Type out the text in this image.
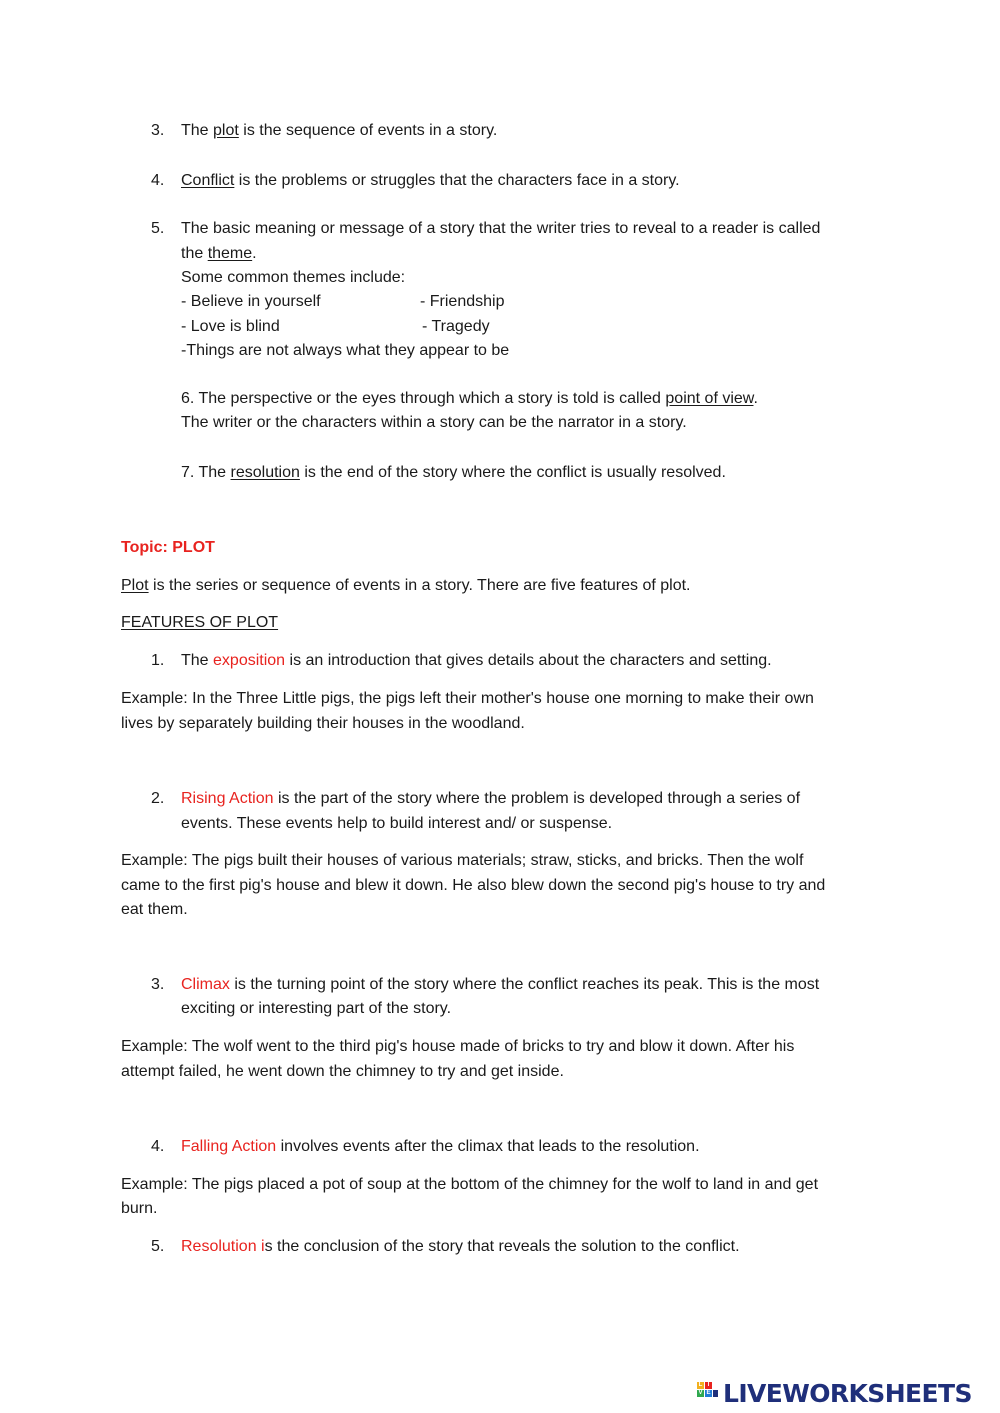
3. The plot is the sequence of events in a story.
4. Conflict is the problems or struggles that the characters face in a story.
5. The basic meaning or message of a story that the writer tries to reveal to a reader is called
the theme.
Some common themes include:
- Believe in yourself	- Friendship
- Love is blind	- Tragedy
-Things are not always what they appear to be
6. The perspective or the eyes through which a story is told is called point of view.
The writer or the characters within a story can be the narrator in a story.
7. The resolution is the end of the story where the conflict is usually resolved.
Topic: PLOT
Plot is the series or sequence of events in a story. There are five features of plot.
FEATURES OF PLOT
1. The exposition is an introduction that gives details about the characters and setting.
Example: In the Three Little pigs, the pigs left their mother's house one morning to make their own
lives by separately building their houses in the woodland.
2. Rising Action is the part of the story where the problem is developed through a series of
events. These events help to build interest and/ or suspense.
Example: The pigs built their houses of various materials; straw, sticks, and bricks. Then the wolf
came to the first pig's house and blew it down. He also blew down the second pig's house to try and
eat them.
3. Climax is the turning point of the story where the conflict reaches its peak. This is the most
exciting or interesting part of the story.
Example: The wolf went to the third pig's house made of bricks to try and blow it down. After his
attempt failed, he went down the chimney to try and get inside.
4. Falling Action involves events after the climax that leads to the resolution.
Example: The pigs placed a pot of soup at the bottom of the chimney for the wolf to land in and get
burn.
5. Resolution is the conclusion of the story that reveals the solution to the conflict.
L I
V E LIVEWORKSHEETS
